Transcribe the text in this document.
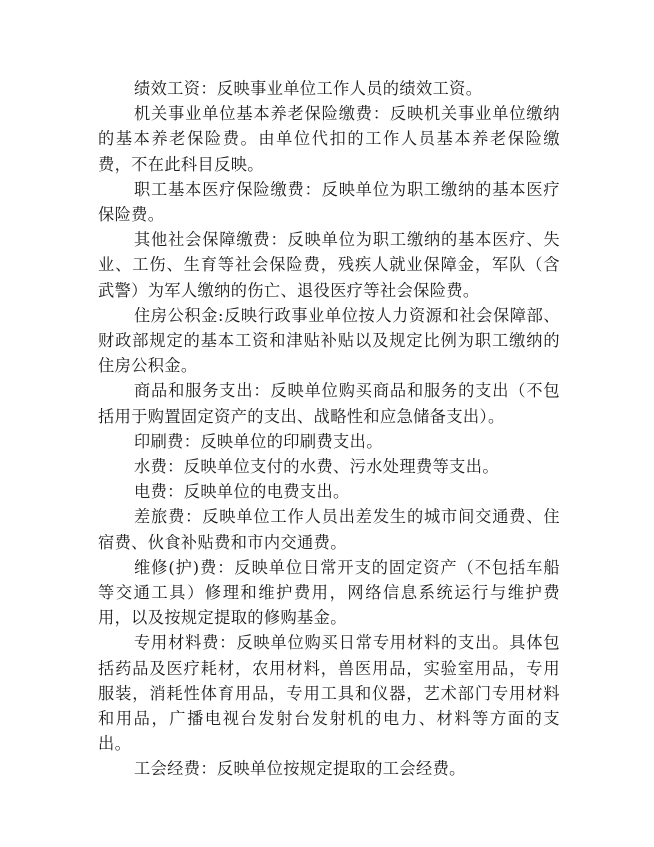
绩效工资：反映事业单位工作人员的绩效工资。

机关事业单位基本养老保险缴费：反映机关事业单位缴纳的基本养老保险费。由单位代扣的工作人员基本养老保险缴费，不在此科目反映。

职工基本医疗保险缴费：反映单位为职工缴纳的基本医疗保险费。

其他社会保障缴费：反映单位为职工缴纳的基本医疗、失业、工伤、生育等社会保险费，残疾人就业保障金，军队（含武警）为军人缴纳的伤亡、退役医疗等社会保险费。

住房公积金:反映行政事业单位按人力资源和社会保障部、财政部规定的基本工资和津贴补贴以及规定比例为职工缴纳的住房公积金。

商品和服务支出：反映单位购买商品和服务的支出（不包括用于购置固定资产的支出、战略性和应急储备支出）。

印刷费：反映单位的印刷费支出。

水费：反映单位支付的水费、污水处理费等支出。

电费：反映单位的电费支出。

差旅费：反映单位工作人员出差发生的城市间交通费、住宿费、伙食补贴费和市内交通费。

维修(护)费：反映单位日常开支的固定资产（不包括车船等交通工具）修理和维护费用，网络信息系统运行与维护费用，以及按规定提取的修购基金。

专用材料费：反映单位购买日常专用材料的支出。具体包括药品及医疗耗材，农用材料，兽医用品，实验室用品，专用服装，消耗性体育用品，专用工具和仪器，艺术部门专用材料和用品，广播电视台发射台发射机的电力、材料等方面的支出。

工会经费：反映单位按规定提取的工会经费。
